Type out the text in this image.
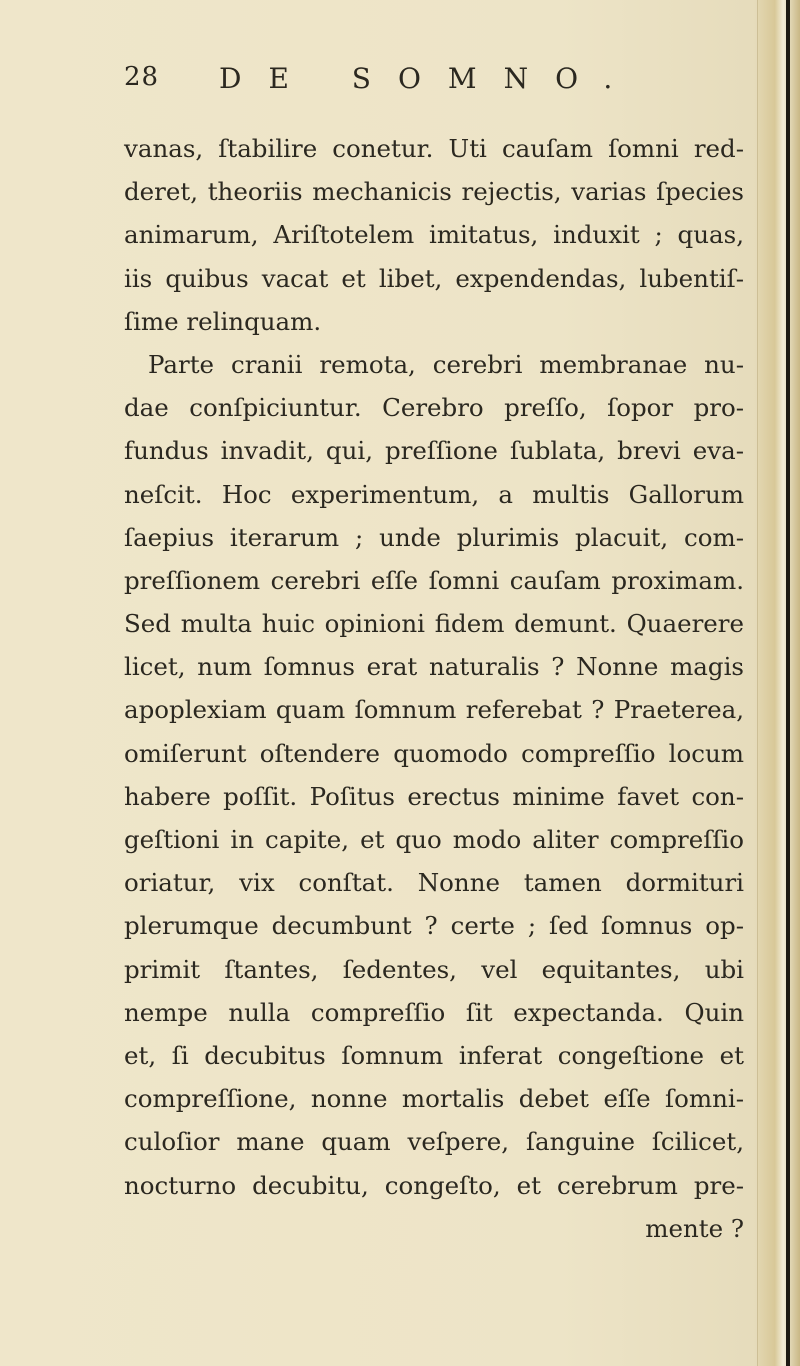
28 DE SOMNO.
vanas, ſtabilire conetur. Uti cauſam ſomni red-
deret, theoriis mechanicis rejectis, varias ſpecies
animarum, Ariſtotelem imitatus, induxit ; quas,
iis quibus vacat et libet, expendendas, lubentiſ-
ſime relinquam.
Parte cranii remota, cerebri membranae nu-
dae conſpiciuntur. Cerebro preſſo, ſopor pro-
fundus invadit, qui, preſſione ſublata, brevi eva-
neſcit. Hoc experimentum, a multis Gallorum
ſaepius iterarum ; unde plurimis placuit, com-
preſſionem cerebri eſſe ſomni cauſam proximam.
Sed multa huic opinioni fidem demunt. Quaerere
licet, num ſomnus erat naturalis ? Nonne magis
apoplexiam quam ſomnum referebat ? Praeterea,
omiſerunt oſtendere quomodo compreſſio locum
habere poſſit. Poſitus erectus minime favet con-
geſtioni in capite, et quo modo aliter compreſſio
oriatur, vix conſtat. Nonne tamen dormituri
plerumque decumbunt ? certe ; ſed ſomnus op-
primit ſtantes, ſedentes, vel equitantes, ubi
nempe nulla compreſſio ſit expectanda. Quin
et, ſi decubitus ſomnum inferat congeſtione et
compreſſione, nonne mortalis debet eſſe ſomni-
culoſior mane quam veſpere, ſanguine ſcilicet,
nocturno decubitu, congeſto, et cerebrum pre-
mente ?
